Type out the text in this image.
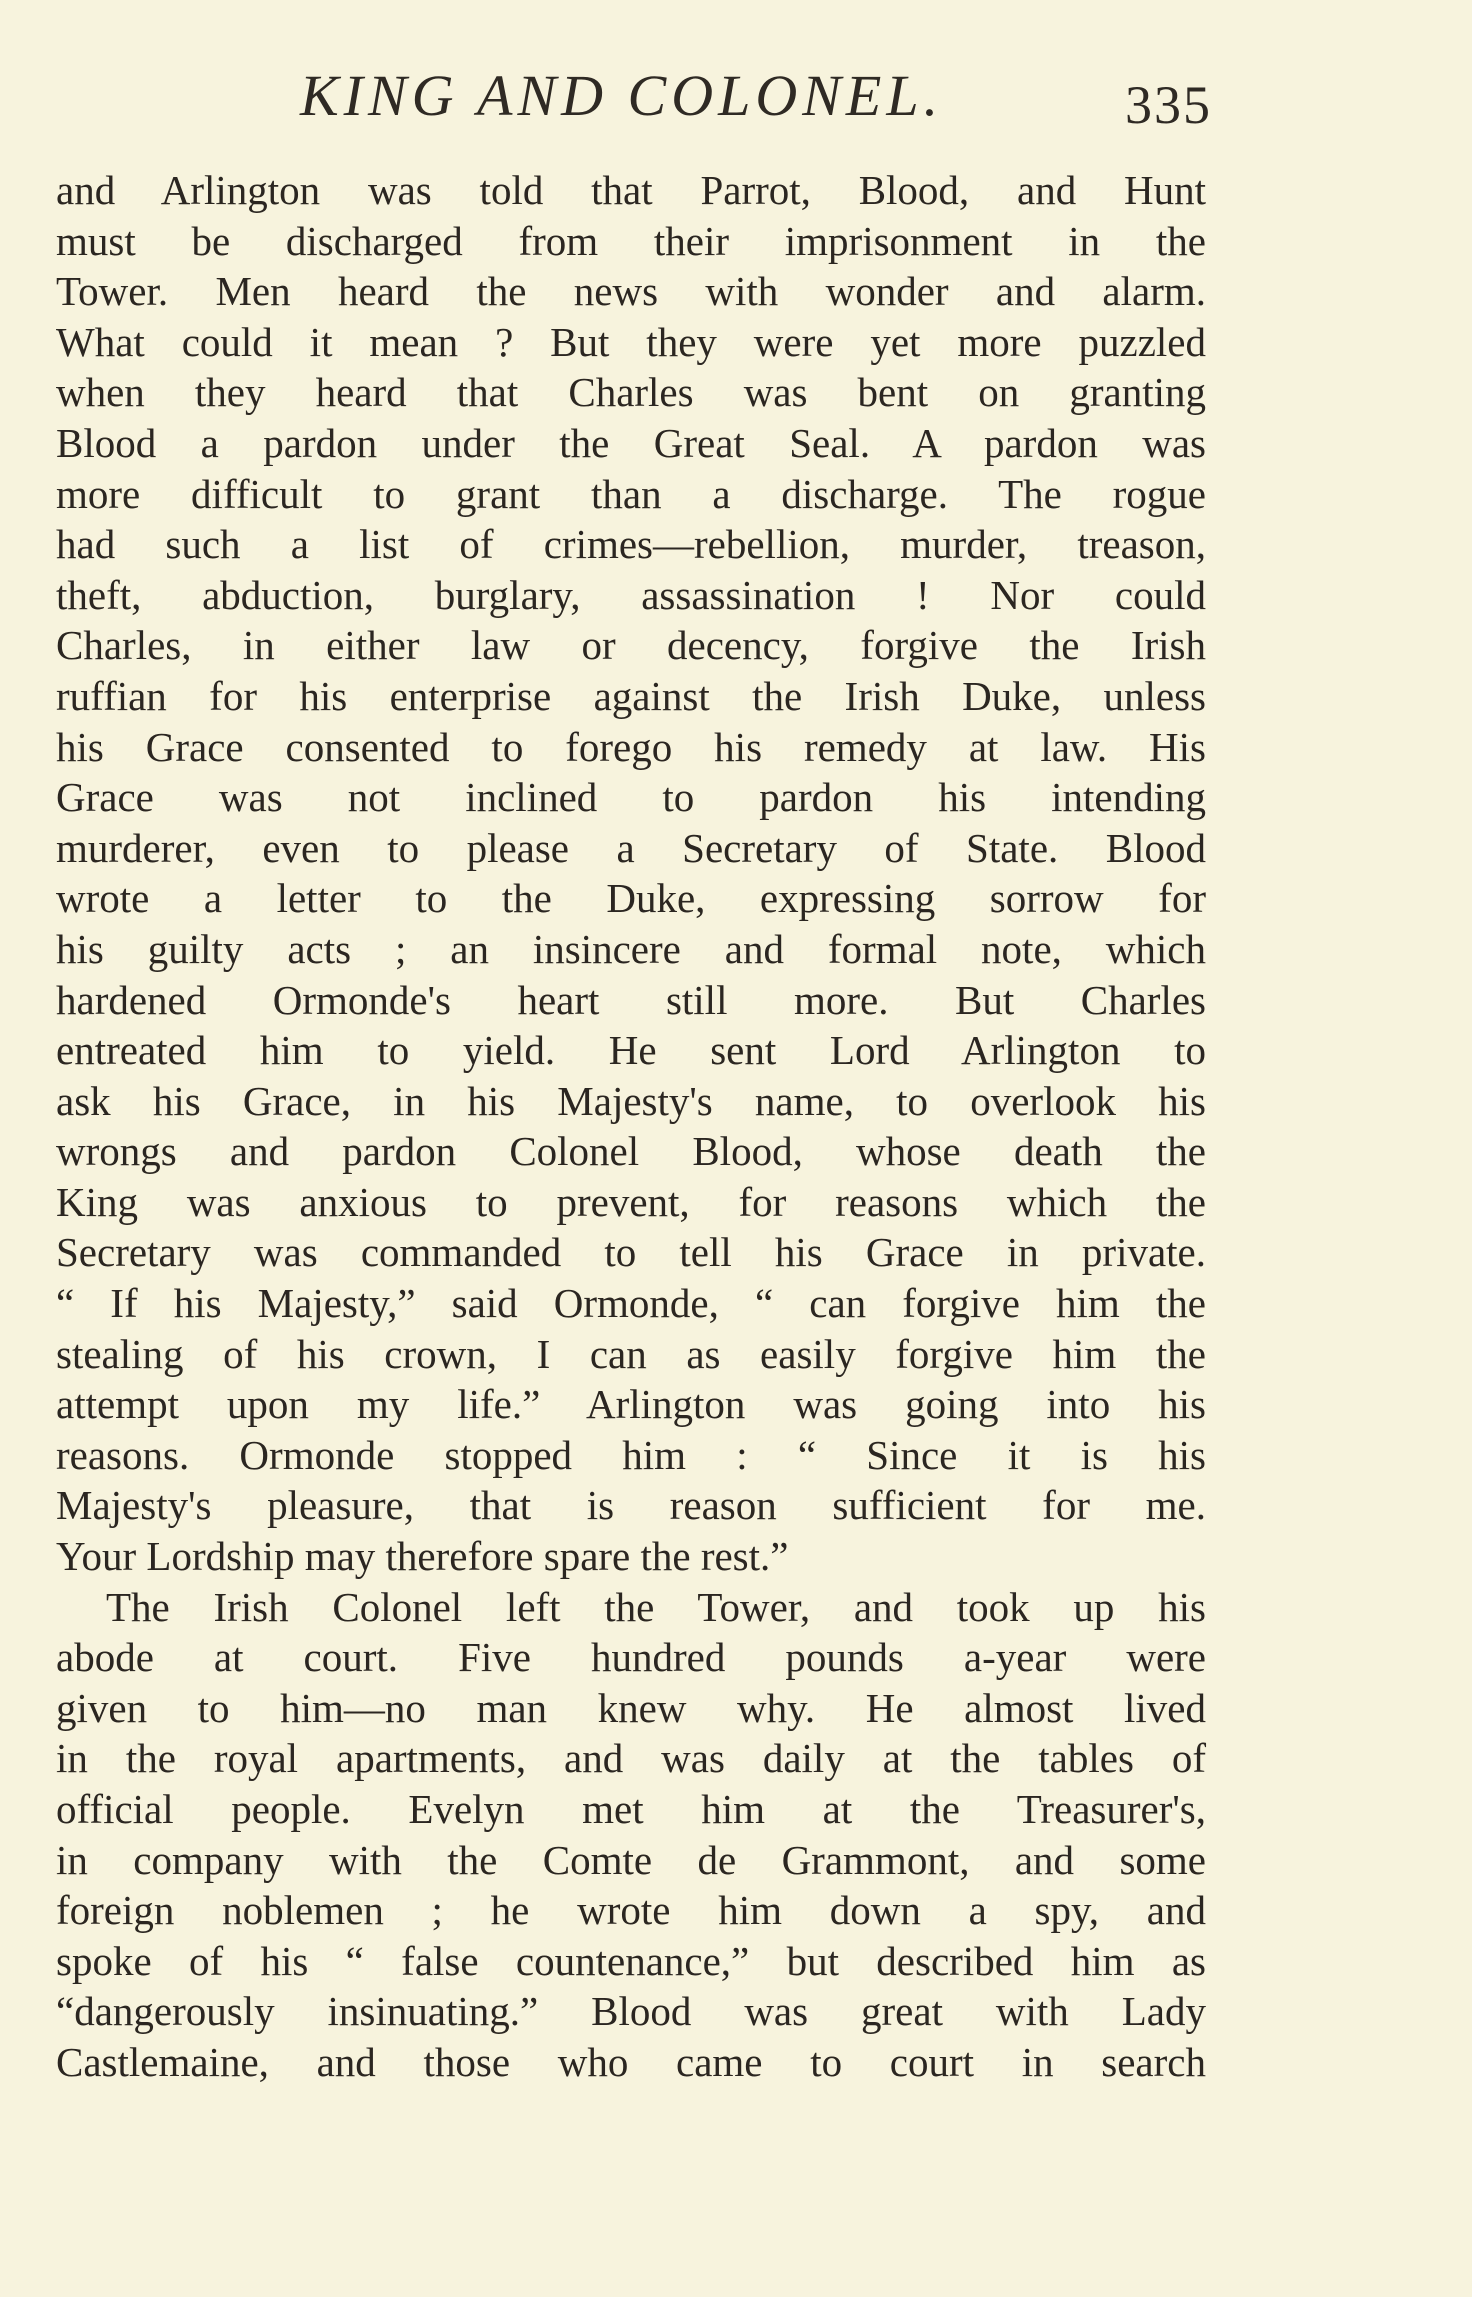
KING AND COLONEL.	335
and Arlington was told that Parrot, Blood, and Hunt
must be discharged from their imprisonment in the
Tower. Men heard the news with wonder and alarm.
What could it mean ? But they were yet more puzzled
when they heard that Charles was bent on granting
Blood a pardon under the Great Seal. A pardon was
more difficult to grant than a discharge. The rogue
had such a list of crimes—rebellion, murder, treason,
theft, abduction, burglary, assassination ! Nor could
Charles, in either law or decency, forgive the Irish
ruffian for his enterprise against the Irish Duke, unless
his Grace consented to forego his remedy at law. His
Grace was not inclined to pardon his intending
murderer, even to please a Secretary of State. Blood
wrote a letter to the Duke, expressing sorrow for
his guilty acts ; an insincere and formal note, which
hardened Ormonde's heart still more. But Charles
entreated him to yield. He sent Lord Arlington to
ask his Grace, in his Majesty's name, to overlook his
wrongs and pardon Colonel Blood, whose death the
King was anxious to prevent, for reasons which the
Secretary was commanded to tell his Grace in private.
“ If his Majesty,” said Ormonde, “ can forgive him the
stealing of his crown, I can as easily forgive him the
attempt upon my life.” Arlington was going into his
reasons. Ormonde stopped him : “ Since it is his
Majesty's pleasure, that is reason sufficient for me.
Your Lordship may therefore spare the rest.”
The Irish Colonel left the Tower, and took up his
abode at court. Five hundred pounds a-year were
given to him—no man knew why. He almost lived
in the royal apartments, and was daily at the tables of
official people. Evelyn met him at the Treasurer's,
in company with the Comte de Grammont, and some
foreign noblemen ; he wrote him down a spy, and
spoke of his “ false countenance,” but described him as
“dangerously insinuating.” Blood was great with Lady
Castlemaine, and those who came to court in search
